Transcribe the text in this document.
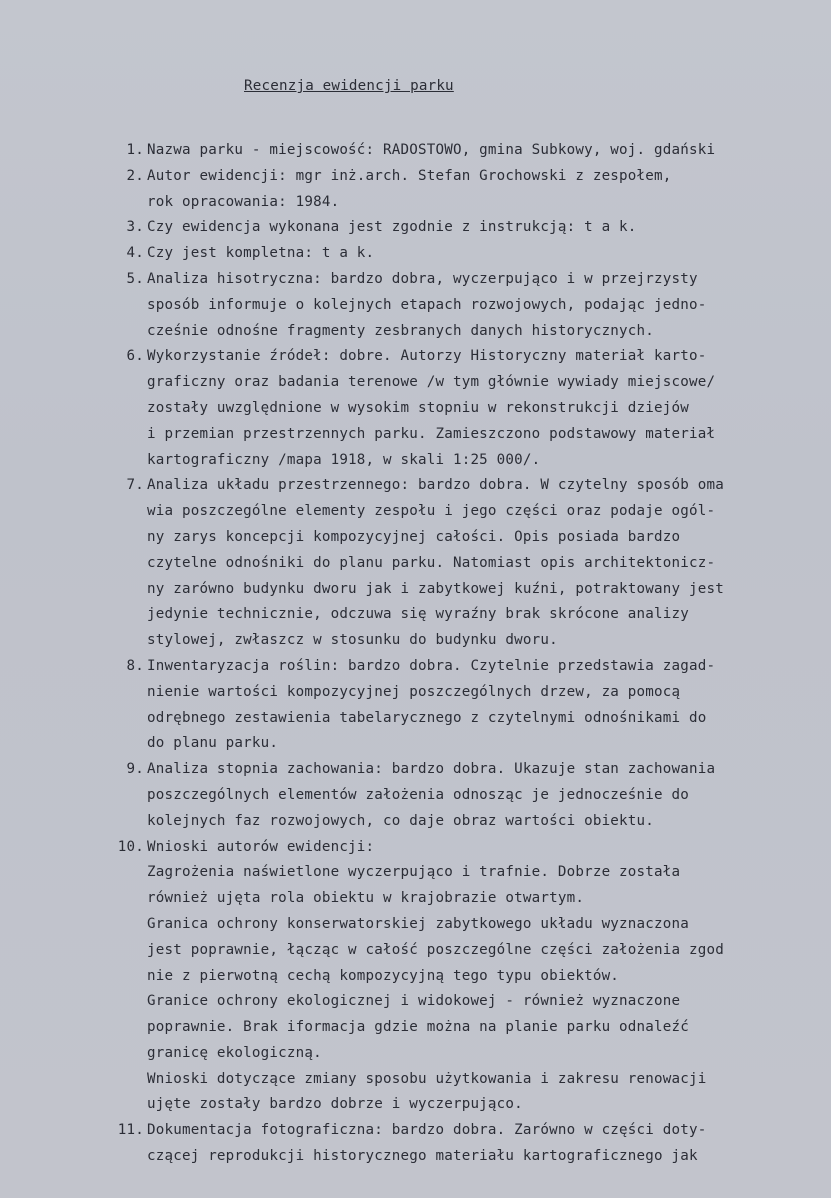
Recenzja ewidencji parku
1. Nazwa parku - miejscowość: RADOSTOWO, gmina Subkowy, woj. gdański
2. Autor ewidencji: mgr inż.arch. Stefan Grochowski z zespołem,
rok opracowania: 1984.
3. Czy ewidencja wykonana jest zgodnie z instrukcją: t a k.
4. Czy jest kompletna: t a k.
5. Analiza hisotryczna: bardzo dobra, wyczerpująco i w przejrzysty
sposób informuje o kolejnych etapach rozwojowych, podając jedno-
cześnie odnośne fragmenty zesbranych danych historycznych.
6. Wykorzystanie źródeł: dobre. Autorzy Historyczny materiał karto-
graficzny oraz badania terenowe /w tym głównie wywiady miejscowe/
zostały uwzględnione w wysokim stopniu w rekonstrukcji dziejów
i przemian przestrzennych parku. Zamieszczono podstawowy materiał
kartograficzny /mapa 1918, w skali 1:25 000/.
7. Analiza układu przestrzennego: bardzo dobra. W czytelny sposób oma
wia poszczególne elementy zespołu i jego części oraz podaje ogól-
ny zarys koncepcji kompozycyjnej całości. Opis posiada bardzo
czytelne odnośniki do planu parku. Natomiast opis architektonicz-
ny zarówno budynku dworu jak i zabytkowej kuźni, potraktowany jest
jedynie technicznie, odczuwa się wyraźny brak skrócone analizy
stylowej, zwłaszcz w stosunku do budynku dworu.
8. Inwentaryzacja roślin: bardzo dobra. Czytelnie przedstawia zagad-
nienie wartości kompozycyjnej poszczególnych drzew, za pomocą
odrębnego zestawienia tabelarycznego z czytelnymi odnośnikami do
do planu parku.
9. Analiza stopnia zachowania: bardzo dobra. Ukazuje stan zachowania
poszczególnych elementów założenia odnosząc je jednocześnie do
kolejnych faz rozwojowych, co daje obraz wartości obiektu.
10. Wnioski autorów ewidencji:
Zagrożenia naświetlone wyczerpująco i trafnie. Dobrze została
również ujęta rola obiektu w krajobrazie otwartym.
Granica ochrony konserwatorskiej zabytkowego układu wyznaczona
jest poprawnie, łącząc w całość poszczególne części założenia zgod
nie z pierwotną cechą kompozycyjną tego typu obiektów.
Granice ochrony ekologicznej i widokowej - również wyznaczone
poprawnie. Brak iformacja gdzie można na planie parku odnaleźć
granicę ekologiczną.
Wnioski dotyczące zmiany sposobu użytkowania i zakresu renowacji
ujęte zostały bardzo dobrze i wyczerpująco.
11. Dokumentacja fotograficzna: bardzo dobra. Zarówno w części doty-
czącej reprodukcji historycznego materiału kartograficznego jak
